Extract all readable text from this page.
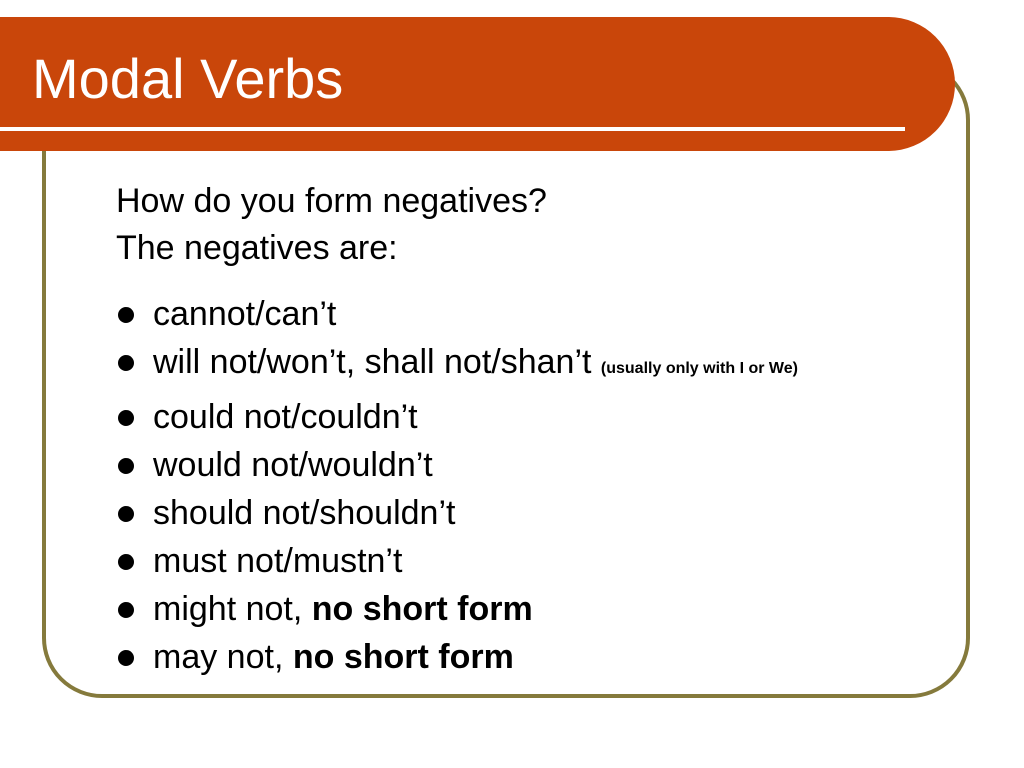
Modal Verbs
How do you form negatives?
The negatives are:
cannot/can’t
will not/won’t, shall not/shan’t (usually only with I or We)
could not/couldn’t
would not/wouldn’t
should not/shouldn’t
must not/mustn’t
might not, no short form
may not, no short form
